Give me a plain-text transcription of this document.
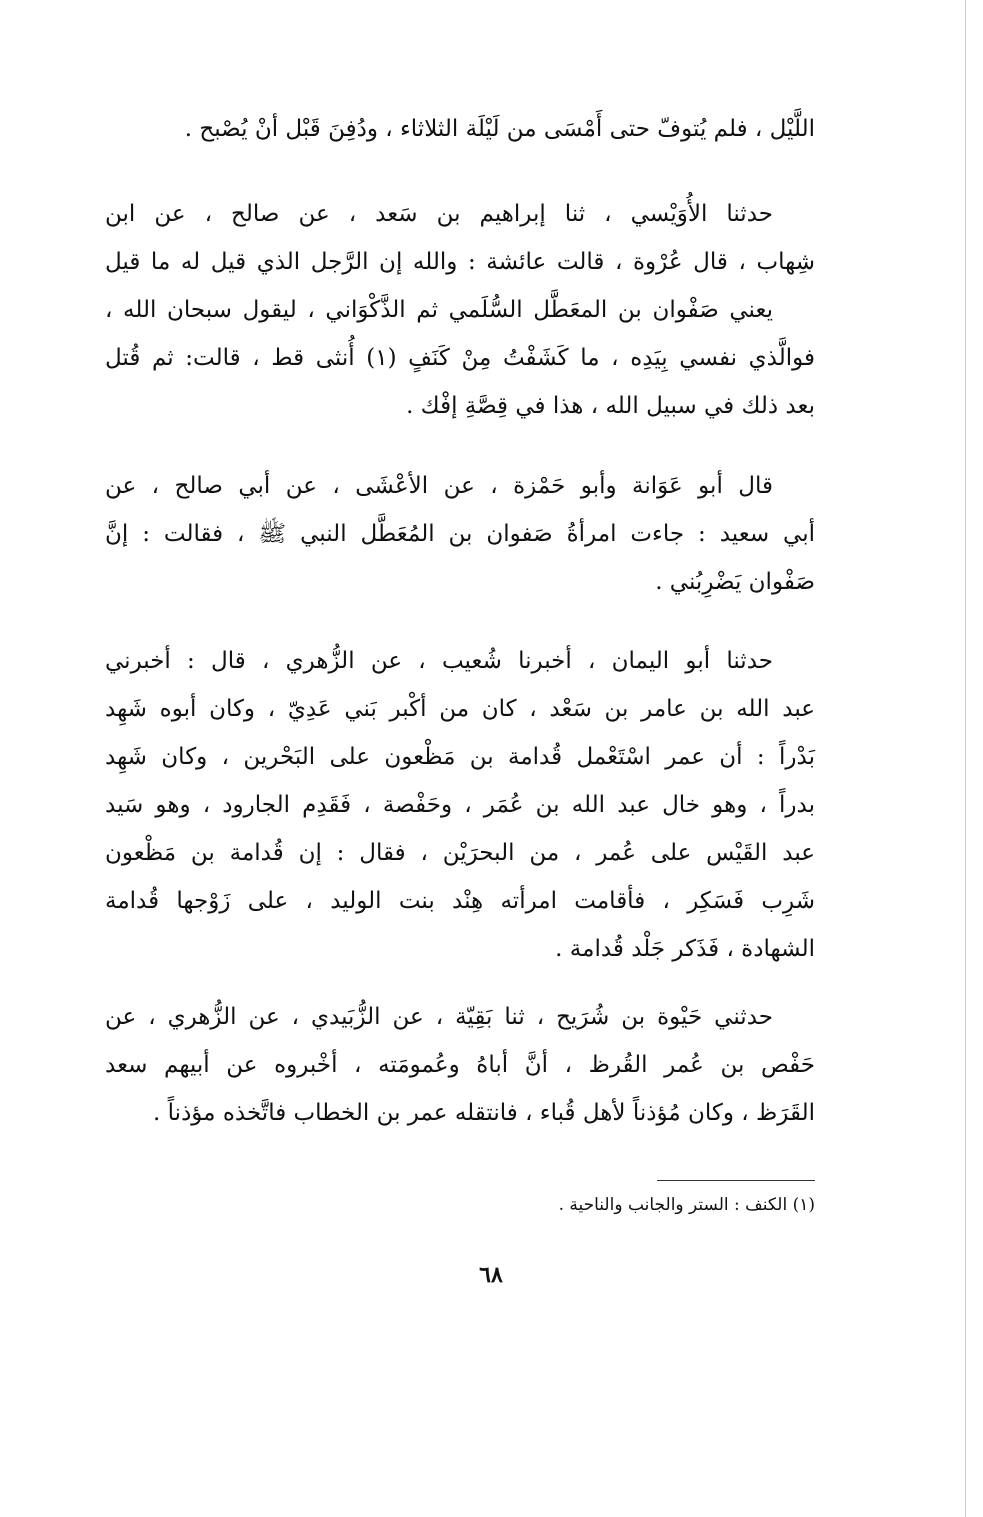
اللَّيْل ، فلم يُتوفّ حتى أَمْسَى من لَيْلَة الثلاثاء ، ودُفِنَ قَبْل أنْ يُصْبح .
حدثنا الأُوَيْسي ، ثنا إبراهيم بن سَعد ، عن صالح ، عن ابن
شِهاب ، قال عُرْوة ، قالت عائشة : والله إن الرَّجل الذي قيل له ما قيل
يعني صَفْوان بن المعَطَّل السُّلَمي ثم الذَّكْوَاني ، ليقول سبحان الله ،
فوالَّذي نفسي بِيَدِه ، ما كَشَفْتُ مِنْ كَنَفٍ (١) أُنثى قط ، قالت: ثم قُتل
بعد ذلك في سبيل الله ، هذا في قِصَّةِ إفْك .
قال أبو عَوَانة وأبو حَمْزة ، عن الأعْشَى ، عن أبي صالح ، عن
أبي سعيد : جاءت امرأةُ صَفوان بن المُعَطَّل النبي ﷺ ، فقالت : إنَّ
صَفْوان يَضْرِبُني .
حدثنا أبو اليمان ، أخبرنا شُعيب ، عن الزُّهري ، قال : أخبرني
عبد الله بن عامر بن سَعْد ، كان من أكْبر بَني عَدِيّ ، وكان أبوه شَهِد
بَدْراً : أن عمر اسْتَعْمل قُدامة بن مَظْعون على البَحْرين ، وكان شَهِد
بدراً ، وهو خال عبد الله بن عُمَر ، وحَفْصة ، فَقَدِم الجارود ، وهو سَيد
عبد القَيْس على عُمر ، من البحرَيْن ، فقال : إن قُدامة بن مَظْعون
شَرِب فَسَكِر ، فأقامت امرأته هِنْد بنت الوليد ، على زَوْجها قُدامة
الشهادة ، فَذَكر جَلْد قُدامة .
حدثني حَيْوة بن شُرَيح ، ثنا بَقِيّة ، عن الزُّبَيدي ، عن الزُّهري ، عن
حَفْص بن عُمر القُرظ ، أنَّ أباهُ وعُمومَته ، أخْبروه عن أبيهم سعد
القَرَظ ، وكان مُؤذناً لأهل قُباء ، فانتقله عمر بن الخطاب فاتَّخذه مؤذناً .
(١) الكنف : الستر والجانب والناحية .
٦٨
